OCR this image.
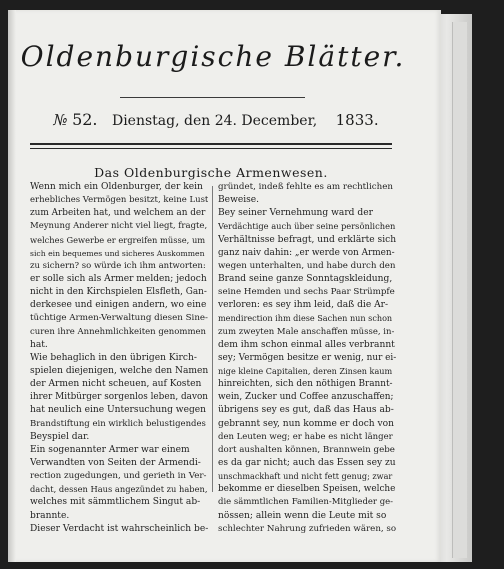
Oldenburgische Blätter.
№ 52. Dienstag, den 24. December, 1833.
Das Oldenburgische Armenwesen.
Wenn mich ein Oldenburger, der kein
erhebliches Vermögen besitzt, keine Lust
zum Arbeiten hat, und welchem an der
Meynung Anderer nicht viel liegt, fragte,
welches Gewerbe er ergreifen müsse, um
sich ein bequemes und sicheres Auskommen
zu sichern? so würde ich ihm antworten:
er solle sich als Armer melden; jedoch
nicht in den Kirchspielen Elsfleth, Gan-
derkesee und einigen andern, wo eine
tüchtige Armen-Verwaltung diesen Sine-
curen ihre Annehmlichkeiten genommen
hat.
Wie behaglich in den übrigen Kirch-
spielen diejenigen, welche den Namen
der Armen nicht scheuen, auf Kosten
ihrer Mitbürger sorgenlos leben, davon
hat neulich eine Untersuchung wegen
Brandstiftung ein wirklich belustigendes
Beyspiel dar.
Ein sogenannter Armer war einem
Verwandten von Seiten der Armendi-
rection zugedungen, und gerieth in Ver-
dacht, dessen Haus angezündet zu haben,
welches mit sämmtlichem Singut ab-
brannte.
Dieser Verdacht ist wahrscheinlich be-
gründet, indeß fehlte es am rechtlichen
Beweise.
Bey seiner Vernehmung ward der
Verdächtige auch über seine persönlichen
Verhältnisse befragt, und erklärte sich
ganz naiv dahin: „er werde von Armen-
wegen unterhalten, und habe durch den
Brand seine ganze Sonntagskleidung,
seine Hemden und sechs Paar Strümpfe
verloren: es sey ihm leid, daß die Ar-
mendirection ihm diese Sachen nun schon
zum zweyten Male anschaffen müsse, in-
dem ihm schon einmal alles verbrannt
sey; Vermögen besitze er wenig, nur ei-
nige kleine Capitalien, deren Zinsen kaum
hinreichten, sich den nöthigen Brannt-
wein, Zucker und Coffee anzuschaffen;
übrigens sey es gut, daß das Haus ab-
gebrannt sey, nun komme er doch von
den Leuten weg; er habe es nicht länger
dort aushalten können, Brannwein gebe
es da gar nicht; auch das Essen sey zu
unschmackhaft und nicht fett genug; zwar
bekomme er dieselben Speisen, welche
die sämmtlichen Familien-Mitglieder ge-
nössen; allein wenn die Leute mit so
schlechter Nahrung zufrieden wären, so
